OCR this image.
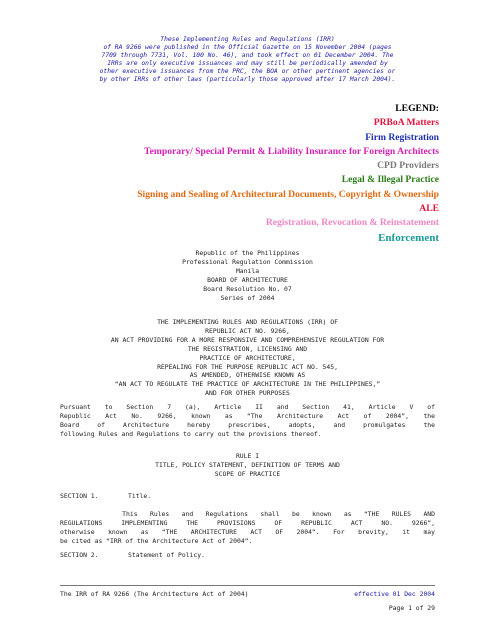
These Implementing Rules and Regulations (IRR)
of RA 9266 were published in the Official Gazette on 15 November 2004 (pages
7709 through 7731, Vol. 100 No. 46), and took effect on 01 December 2004. The
IRRs are only executive issuances and may still be periodically amended by
other executive issuances from the PRC, the BOA or other pertinent agencies or
by other IRRs of other laws (particularly those approved after 17 March 2004).
LEGEND:
PRBoA Matters
Firm Registration
Temporary/ Special Permit & Liability Insurance for Foreign Architects
CPD Providers
Legal & Illegal Practice
Signing and Sealing of Architectural Documents, Copyright & Ownership
ALE
Registration, Revocation & Reinstatement
Enforcement
Republic of the Philippines
Professional Regulation Commission
Manila
BOARD OF ARCHITECTURE
Board Resolution No. 07
Series of 2004
THE IMPLEMENTING RULES AND REGULATIONS (IRR) OF
REPUBLIC ACT NO. 9266,
AN ACT PROVIDING FOR A MORE RESPONSIVE AND COMPREHENSIVE REGULATION FOR
THE REGISTRATION, LICENSING AND
PRACTICE OF ARCHITECTURE,
REPEALING FOR THE PURPOSE REPUBLIC ACT NO. 545,
AS AMENDED, OTHERWISE KNOWN AS
“AN ACT TO REGULATE THE PRACTICE OF ARCHITECTURE IN THE PHILIPPINES,”
AND FOR OTHER PURPOSES
Pursuant to Section 7 (a), Article II and Section 41, Article V of
Republic Act No. 9266, known as “The Architecture Act of 2004”, the
Board of Architecture hereby prescribes, adopts, and promulgates the
following Rules and Regulations to carry out the provisions thereof.
RULE I
TITLE, POLICY STATEMENT, DEFINITION OF TERMS AND
SCOPE OF PRACTICE
SECTION 1.	Title.
This Rules and Regulations shall be known as “THE RULES AND
REGULATIONS IMPLEMENTING THE PROVISIONS OF REPUBLIC ACT NO. 9266”,
otherwise known as “THE ARCHITECTURE ACT OF 2004”. For brevity, it may
be cited as “IRR of the Architecture Act of 2004”.
SECTION 2.	Statement of Policy.
The IRR of RA 9266 (The Architecture Act of 2004)	effective 01 Dec 2004
Page 1 of 29
